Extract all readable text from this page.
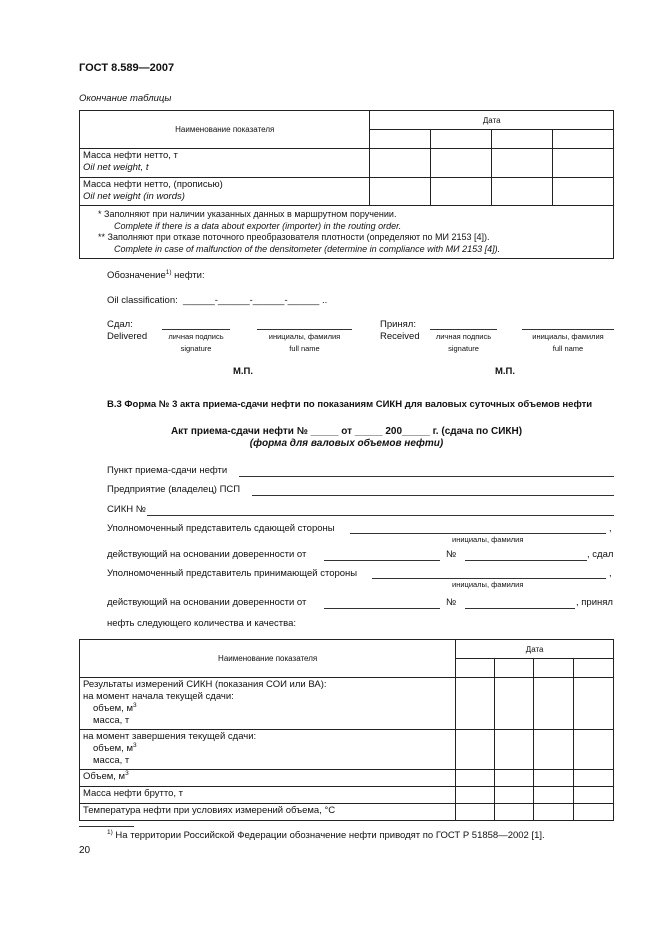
ГОСТ 8.589—2007
Окончание таблицы
Наименование показателя	Дата			

Масса нефти нетто, т
Oil net weight, t				

Масса нефти нетто, (прописью)
Oil net weight (in words)				

* Заполняют при наличии указанных данных в маршрутном поручении.
Complete if there is a data about exporter (importer) in the routing order.
** Заполняют при отказе поточного преобразователя плотности (определяют по МИ 2153 [4]).
Complete in case of malfunction of the densitometer (determine in compliance with МИ 2153 [4]).				
Обозначение$^{1)}$ нефти:
Oil classification: ______-______-______-______ ..
Сдал:
Delivered	личная подпись
signature
инициалы, фамилия
full name
Принял:
Received	личная подпись
signature
инициалы, фамилия
full name
М.П.	М.П.
В.3 Форма № 3 акта приема-сдачи нефти по показаниям СИКН для валовых суточных объемов нефти
Акт приема-сдачи нефти № _____ от _____ 200_____ г. (сдача по СИКН)
(форма для валовых объемов нефти)
Пункт приема-сдачи нефти
Предприятие (владелец) ПСП
СИКН №
Уполномоченный представитель сдающей стороны	,
инициалы, фамилия
действующий на основании доверенности от	№	, сдал
Уполномоченный представитель принимающей стороны	,
инициалы, фамилия
действующий на основании доверенности от	№	, принял
нефть следующего количества и качества:
Наименование показателя	Дата			

Результаты измерений СИКН (показания СОИ или ВА):
на момент начала текущей сдачи:
объем, $м^3$
масса, т				

на момент завершения текущей сдачи:
объем, $м^3$
масса, т				

Объем, $м^3$				
Масса нефти брутто, т				
Температура нефти при условиях измерений объема, °С				
$^{1)}$ На территории Российской Федерации обозначение нефти приводят по ГОСТ Р 51858—2002 [1].
20
